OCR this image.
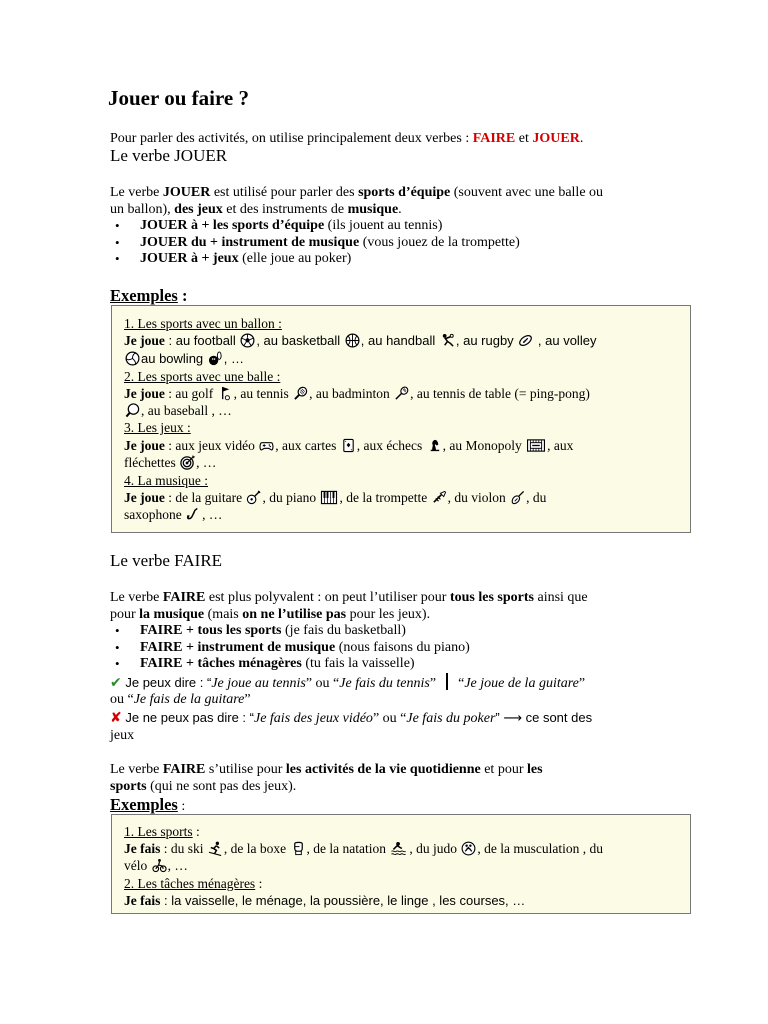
Jouer ou faire ?
Pour parler des activités, on utilise principalement deux verbes : FAIRE et JOUER.
Le verbe JOUER
Le verbe JOUER est utilisé pour parler des sports d’équipe (souvent avec une balle ou
un ballon), des jeux et des instruments de musique.
• JOUER à + les sports d’équipe (ils jouent au tennis)
• JOUER du + instrument de musique (vous jouez de la trompette)
• JOUER à + jeux (elle joue au poker)
Exemples :
1. Les sports avec un ballon :
Je joue : au football
, au basketball
, au handball
, au rugby
, au volley
au bowling
, …
2. Les sports avec une balle :
Je joue : au golf
, au tennis
, au badminton
, au tennis de table (= ping-pong)
, au baseball , …
3. Les jeux :
Je joue : aux jeux vidéo
, aux cartes
, aux échecs
, au Monopoly
, aux
fléchettes
, …
4. La musique :
Je joue : de la guitare
, du piano
, de la trompette
, du violon
, du
saxophone
, …
Le verbe FAIRE
Le verbe FAIRE est plus polyvalent : on peut l’utiliser pour tous les sports ainsi que
pour la musique (mais on ne l’utilise pas pour les jeux).
• FAIRE + tous les sports (je fais du basketball)
• FAIRE + instrument de musique (nous faisons du piano)
• FAIRE + tâches ménagères (tu fais la vaisselle)
✔ Je peux dire : “Je joue au tennis” ou “Je fais du tennis” “Je joue de la guitare”
ou “Je fais de la guitare”
✘ Je ne peux pas dire : “Je fais des jeux vidéo” ou “Je fais du poker” ⟶ ce sont des
jeux
Le verbe FAIRE s’utilise pour les activités de la vie quotidienne et pour les
sports (qui ne sont pas des jeux).
Exemples :
1. Les sports :
Je fais : du ski
, de la boxe
, de la natation
, du judo
, de la musculation , du
vélo
, …
2. Les tâches ménagères :
Je fais : la vaisselle, le ménage, la poussière, le linge , les courses, …
